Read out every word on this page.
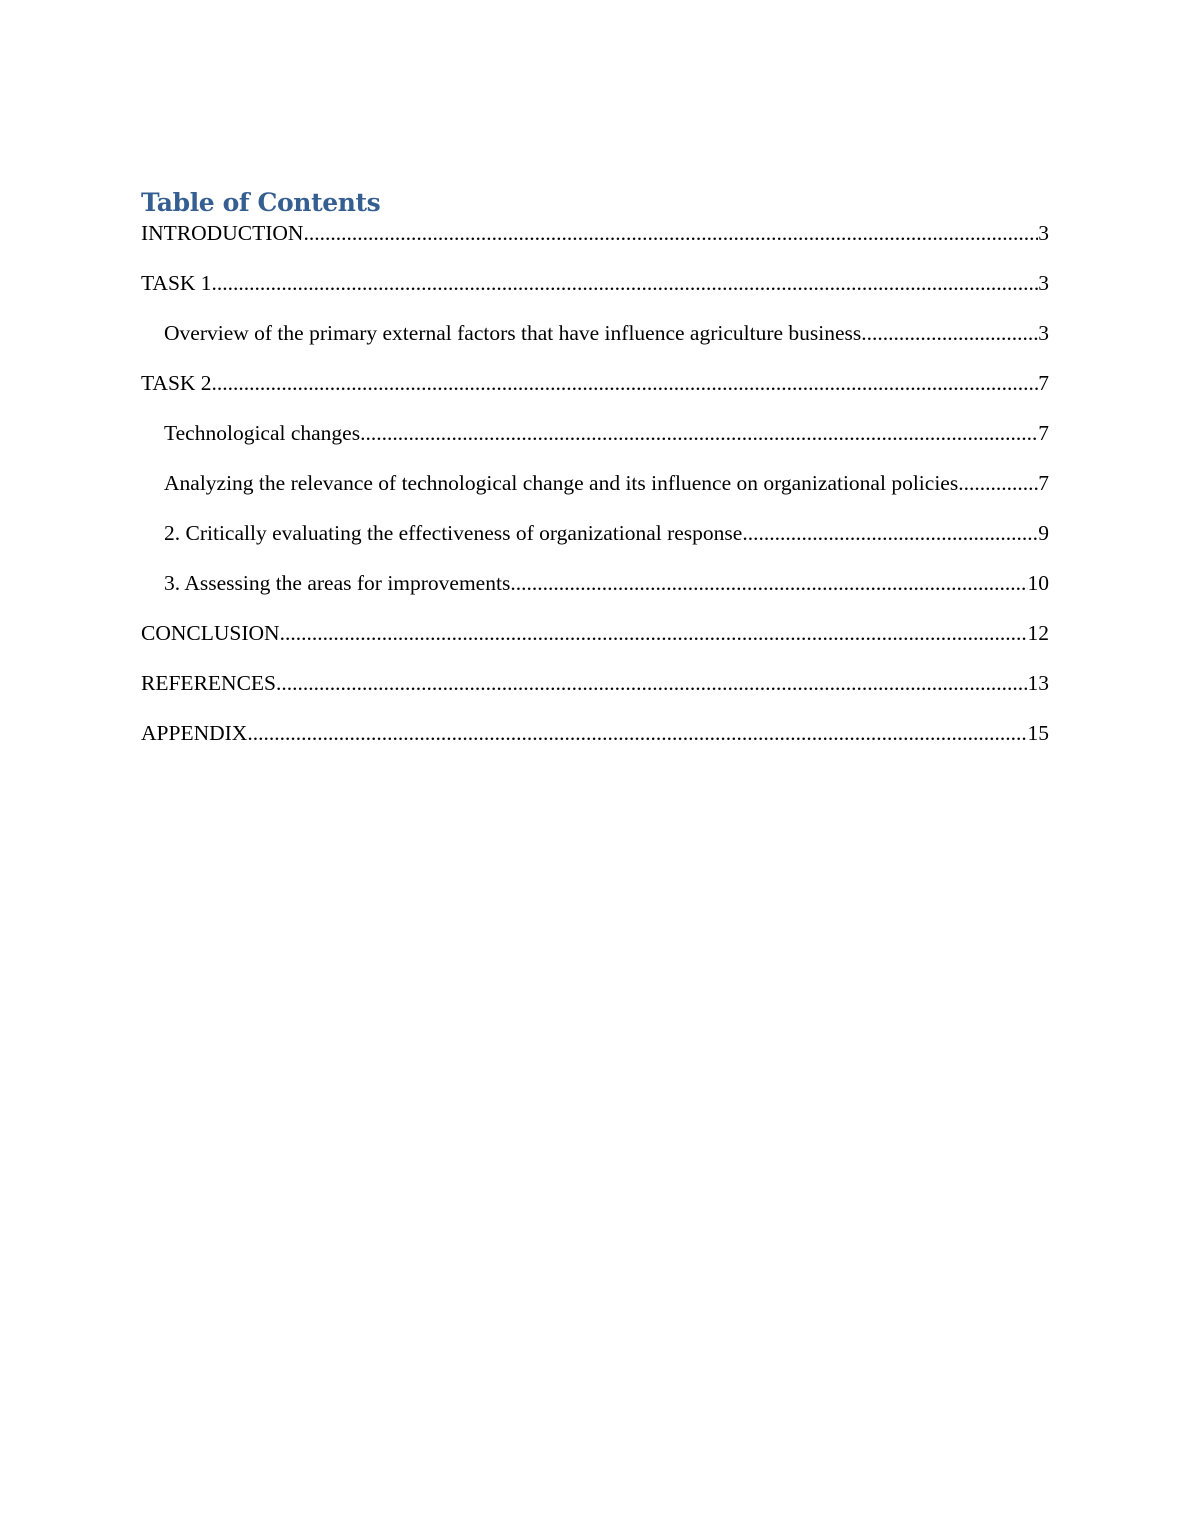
Table of Contents
INTRODUCTION .....	3
TASK 1 .....	3
Overview of the primary external factors that have influence agriculture business .....	3
TASK 2 .....	7
Technological changes .....	7
Analyzing the relevance of technological change and its influence on organizational policies .....	7
2. Critically evaluating the effectiveness of organizational response .....	9
3. Assessing the areas for improvements .....	10
CONCLUSION .....	12
REFERENCES .....	13
APPENDIX .....	15
